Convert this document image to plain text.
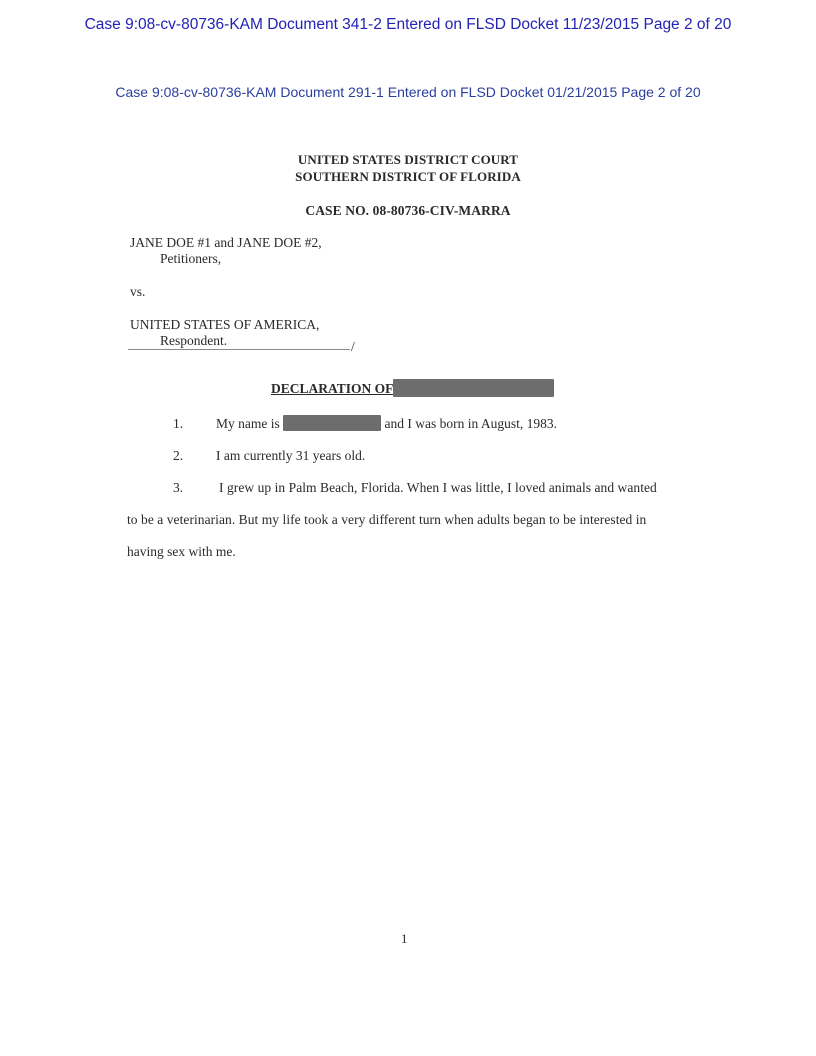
Case 9:08-cv-80736-KAM Document 341-2 Entered on FLSD Docket 11/23/2015 Page 2 of 20
Case 9:08-cv-80736-KAM Document 291-1 Entered on FLSD Docket 01/21/2015 Page 2 of 20
UNITED STATES DISTRICT COURT
SOUTHERN DISTRICT OF FLORIDA
CASE NO. 08-80736-CIV-MARRA
JANE DOE #1 and JANE DOE #2,
Petitioners,
vs.
UNITED STATES OF AMERICA,
Respondent.	/
DECLARATION OF
1. My name is	and I was born in August, 1983.
2. I am currently 31 years old.
3.	I grew up in Palm Beach, Florida. When I was little, I loved animals and wanted
to be a veterinarian. But my life took a very different turn when adults began to be interested in
having sex with me.
1
